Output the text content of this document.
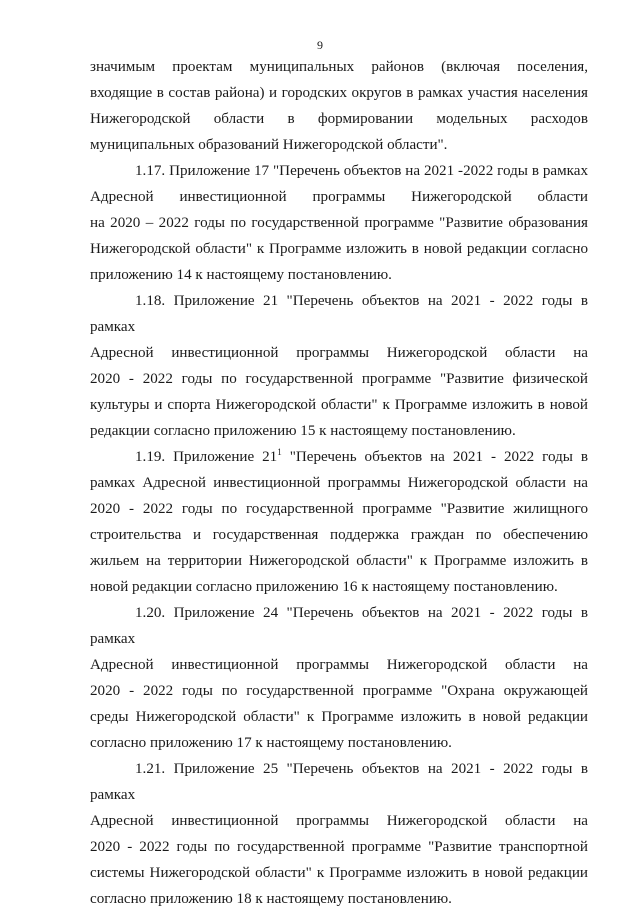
9
значимым проектам муниципальных районов (включая поселения,
входящие в состав района) и городских округов в рамках участия населения
Нижегородской области в формировании модельных расходов
муниципальных образований Нижегородской области".
1.17. Приложение 17 "Перечень объектов на 2021 -2022 годы в рамках
Адресной инвестиционной программы Нижегородской области
на 2020 – 2022 годы по государственной программе "Развитие образования
Нижегородской области" к Программе изложить в новой редакции согласно
приложению 14 к настоящему постановлению.
1.18. Приложение 21 "Перечень объектов на 2021 - 2022 годы в рамках
Адресной инвестиционной программы Нижегородской области на
2020 - 2022 годы по государственной программе "Развитие физической
культуры и спорта Нижегородской области" к Программе изложить в новой
редакции согласно приложению 15 к настоящему постановлению.
1.19. Приложение $21^1$ "Перечень объектов на 2021 - 2022 годы в
рамках Адресной инвестиционной программы Нижегородской области на
2020 - 2022 годы по государственной программе "Развитие жилищного
строительства и государственная поддержка граждан по обеспечению
жильем на территории Нижегородской области" к Программе изложить в
новой редакции согласно приложению 16 к настоящему постановлению.
1.20. Приложение 24 "Перечень объектов на 2021 - 2022 годы в рамках
Адресной инвестиционной программы Нижегородской области на
2020 - 2022 годы по государственной программе "Охрана окружающей
среды Нижегородской области" к Программе изложить в новой редакции
согласно приложению 17 к настоящему постановлению.
1.21. Приложение 25 "Перечень объектов на 2021 - 2022 годы в рамках
Адресной инвестиционной программы Нижегородской области на
2020 - 2022 годы по государственной программе "Развитие транспортной
системы Нижегородской области" к Программе изложить в новой редакции
согласно приложению 18 к настоящему постановлению.
